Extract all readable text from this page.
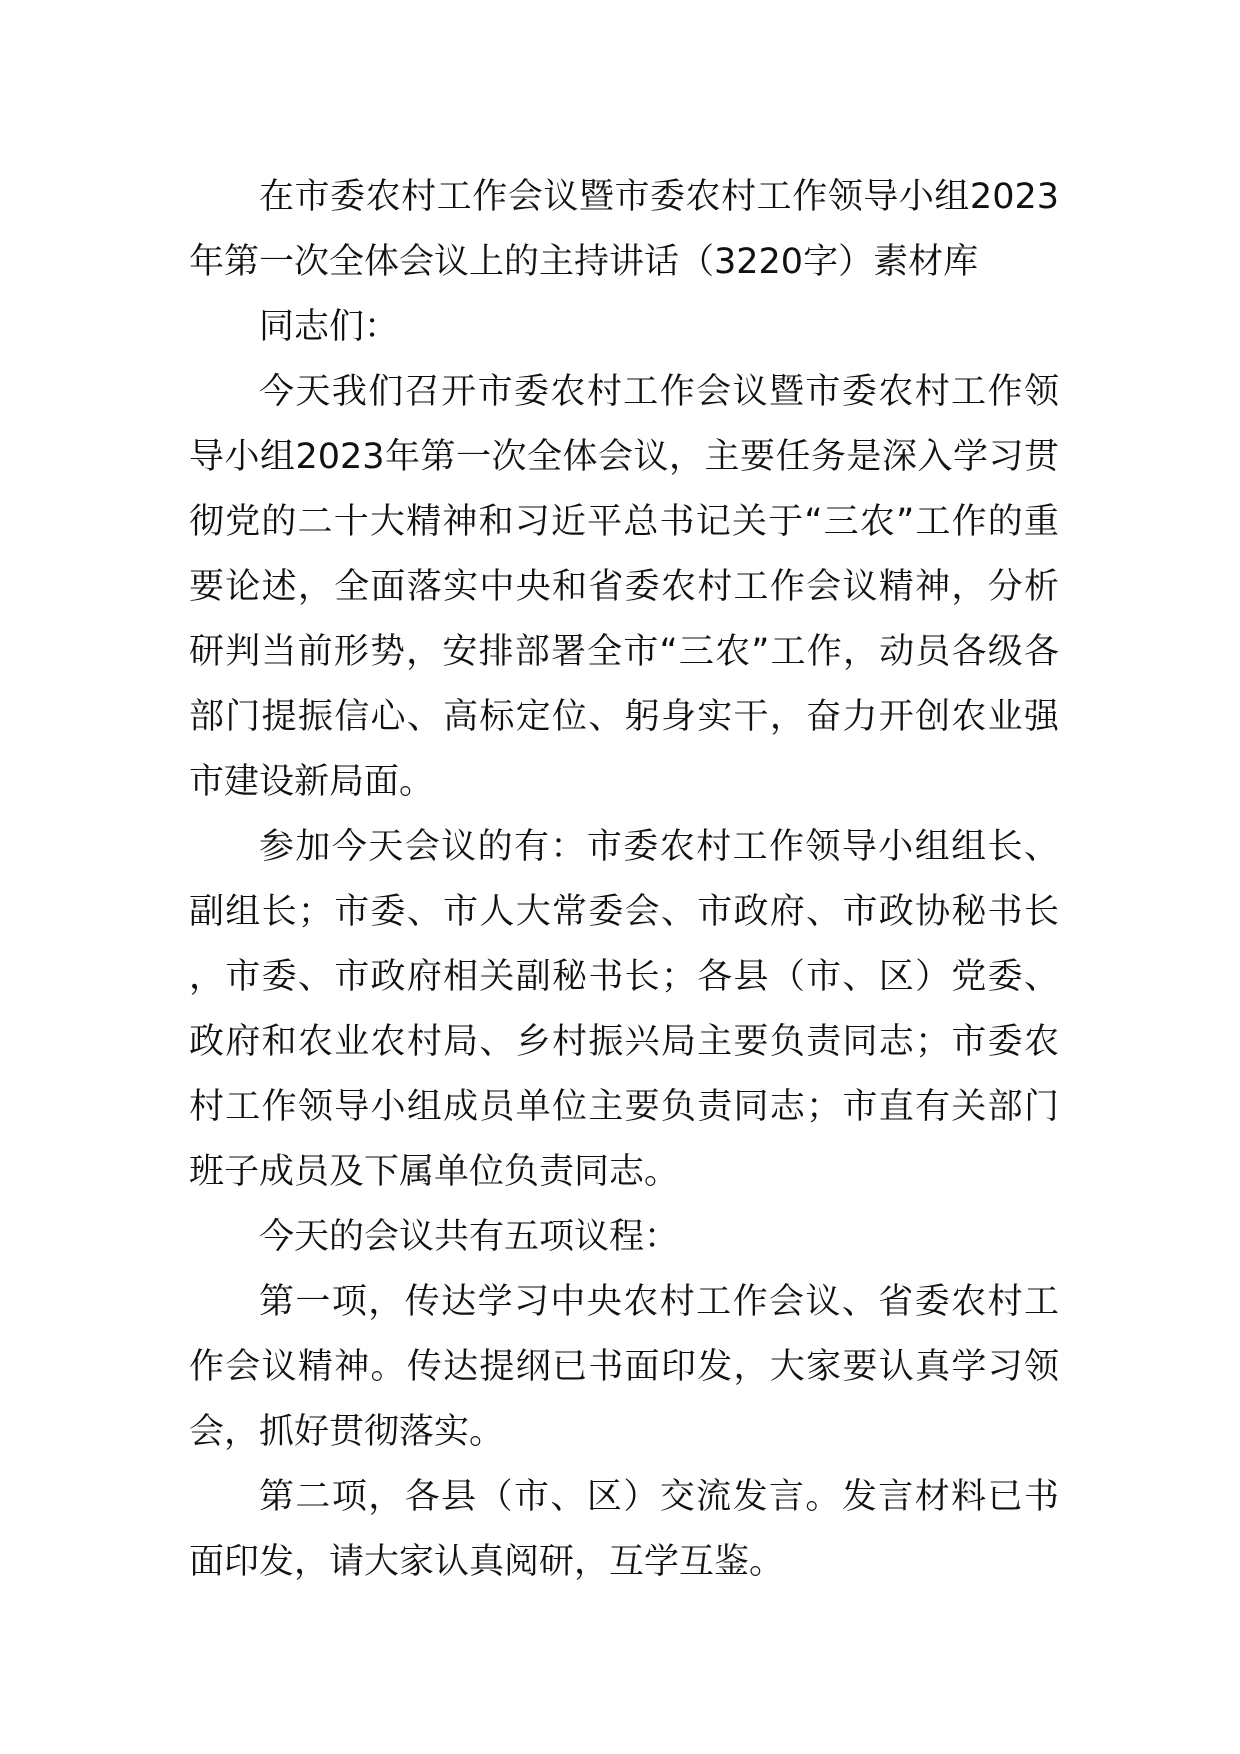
在市委农村工作会议暨市委农村工作领导小组2023年第一次全体会议上的主持讲话（3220字）素材库

同志们：

今天我们召开市委农村工作会议暨市委农村工作领导小组2023年第一次全体会议，主要任务是深入学习贯彻党的二十大精神和习近平总书记关于“三农”工作的重要论述，全面落实中央和省委农村工作会议精神，分析研判当前形势，安排部署全市“三农”工作，动员各级各部门提振信心、高标定位、躬身实干，奋力开创农业强市建设新局面。

参加今天会议的有：市委农村工作领导小组组长、副组长；市委、市人大常委会、市政府、市政协秘书长，市委、市政府相关副秘书长；各县（市、区）党委、政府和农业农村局、乡村振兴局主要负责同志；市委农村工作领导小组成员单位主要负责同志；市直有关部门班子成员及下属单位负责同志。

今天的会议共有五项议程：

第一项，传达学习中央农村工作会议、省委农村工作会议精神。传达提纲已书面印发，大家要认真学习领会，抓好贯彻落实。

第二项，各县（市、区）交流发言。发言材料已书面印发，请大家认真阅研，互学互鉴。
